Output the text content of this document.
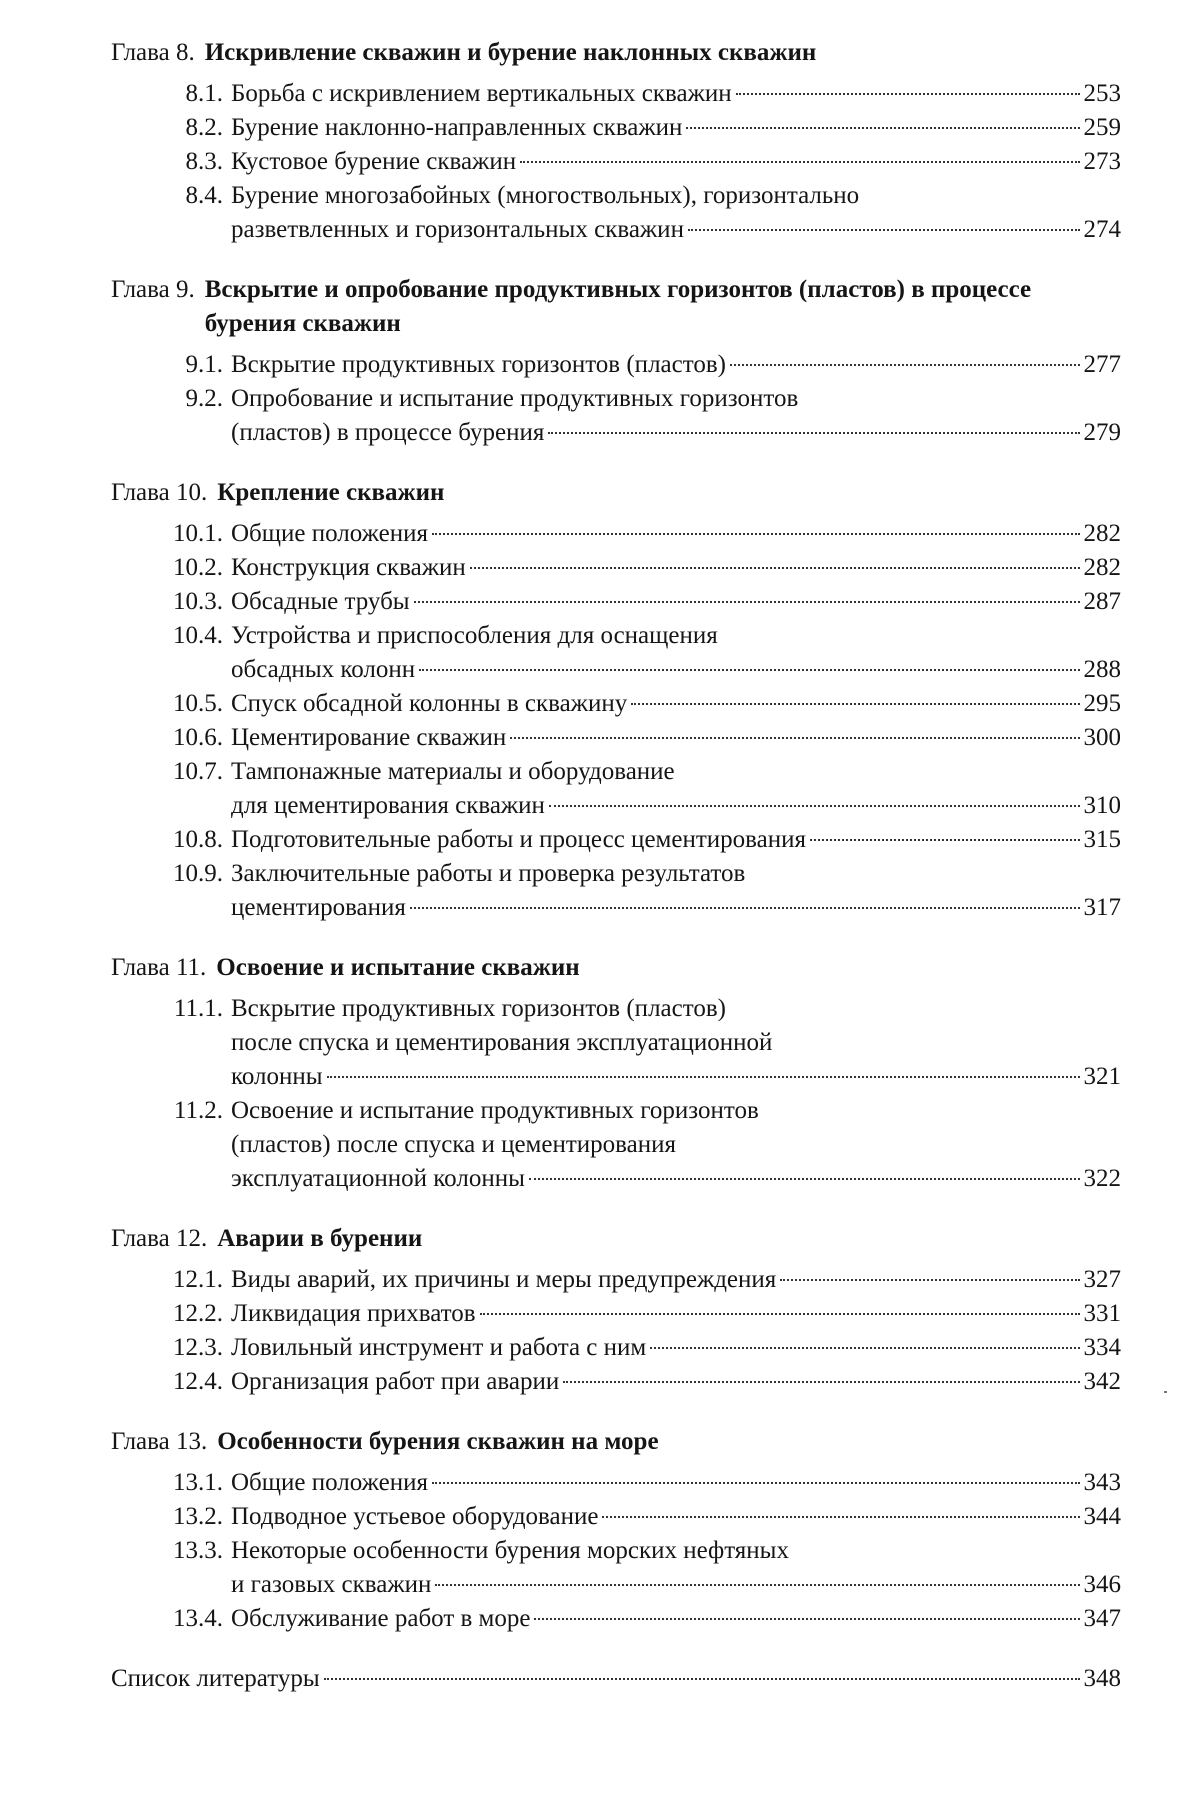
Глава 8. Искривление скважин и бурение наклонных скважин
8.1. Борьба с искривлением вертикальных скважин	253
8.2. Бурение наклонно-направленных скважин	259
8.3. Кустовое бурение скважин	273
8.4. Бурение многозабойных (многоствольных), горизонтально
разветвленных и горизонтальных скважин	274
Глава 9. Вскрытие и опробование продуктивных горизонтов (пластов) в процессе бурения скважин
9.1. Вскрытие продуктивных горизонтов (пластов)	277
9.2. Опробование и испытание продуктивных горизонтов
(пластов) в процессе бурения	279
Глава 10. Крепление скважин
10.1. Общие положения	282
10.2. Конструкция скважин	282
10.3. Обсадные трубы	287
10.4. Устройства и приспособления для оснащения
обсадных колонн	288
10.5. Спуск обсадной колонны в скважину	295
10.6. Цементирование скважин	300
10.7. Тампонажные материалы и оборудование
для цементирования скважин	310
10.8. Подготовительные работы и процесс цементирования	315
10.9. Заключительные работы и проверка результатов
цементирования	317
Глава 11. Освоение и испытание скважин
11.1. Вскрытие продуктивных горизонтов (пластов)
после спуска и цементирования эксплуатационной
колонны	321
11.2. Освоение и испытание продуктивных горизонтов
(пластов) после спуска и цементирования
эксплуатационной колонны	322
Глава 12. Аварии в бурении
12.1. Виды аварий, их причины и меры предупреждения	327
12.2. Ликвидация прихватов	331
12.3. Ловильный инструмент и работа с ним	334
12.4. Организация работ при аварии	342
Глава 13. Особенности бурения скважин на море
13.1. Общие положения	343
13.2. Подводное устьевое оборудование	344
13.3. Некоторые особенности бурения морских нефтяных
и газовых скважин	346
13.4. Обслуживание работ в море	347
Список литературы	348
